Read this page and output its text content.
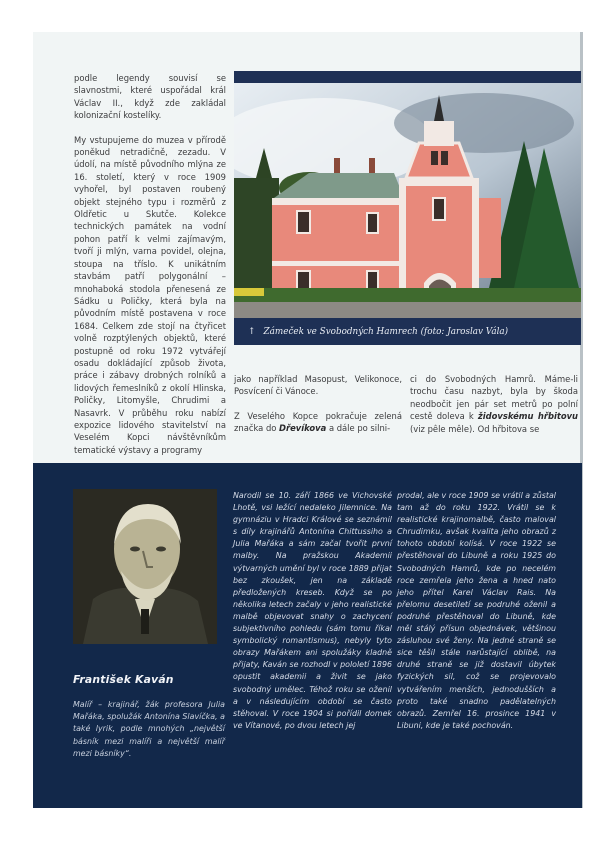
podle legendy souvisí se slavnostmi, které uspořádal král Václav II., když zde zakládal kolonizační kostelíky.

My vstupujeme do muzea v přírodě poněkud netradičně, zezadu. V údolí, na místě původního mlýna ze 16. století, který v roce 1909 vyhořel, byl postaven roubený objekt stejného typu i rozměrů z Oldřetic u Skutče. Kolekce technických památek na vodní pohon patří k velmi zajímavým, tvoří ji mlýn, varna povidel, olejna, stoupa na tříslo. K unikátním stavbám patří polygonální – mnohaboká stodola přenesená ze Sádku u Poličky, která byla na původním místě postavena v roce 1684. Celkem zde stojí na čtyřicet volně rozptýlených objektů, které postupně od roku 1972 vytvářejí osadu dokládající způsob života, práce i zábavy drobných rolníků a lidových řemeslníků z okolí Hlinska, Poličky, Litomyšle, Chrudimi a Nasavrk. V průběhu roku nabízí expozice lidového stavitelství na Veselém Kopci návštěvníkům tematické výstavy a programy

↑ Zámeček ve Svobodných Hamrech (foto: Jaroslav Vála)

jako například Masopust, Velikonoce, Posvícení či Vánoce.

Z Veselého Kopce pokračuje zelená značka do Dřevíkova a dále po silni-

ci do Svobodných Hamrů. Máme-li trochu času nazbyt, byla by škoda neodbočit jen pár set metrů po polní cestě doleva k židovskému hřbitovu (viz pêle mêle). Od hřbitova se

František Kaván
Malíř – krajinář, žák profesora Julia Mařáka, spolužák Antonína Slavíčka, a také lyrik, podle mnohých „největší básník mezi malíři a největší malíř mezi básníky“.
Narodil se 10. září 1866 ve Vichovské Lhotě, vsi ležící nedaleko Jilemnice. Na gymnáziu v Hradci Králové se seznámil s díly krajinářů Antonína Chittussiho a Julia Mařáka a sám začal tvořit první malby. Na pražskou Akademii výtvarných umění byl v roce 1889 přijat bez zkoušek, jen na základě předložených kreseb. Když se po několika letech začaly v jeho realistické malbě objevovat snahy o zachycení subjektivního pohledu (sám tomu říkal symbolický romantismus), nebyly tyto obrazy Mařákem ani spolužáky kladně přijaty, Kaván se rozhodl v pololetí 1896 opustit akademii a živit se jako svobodný umělec. Téhož roku se oženil a v následujícím období se často stěhoval. V roce 1904 si pořídil domek ve Vítanové, po dvou letech jej
prodal, ale v roce 1909 se vrátil a zůstal tam až do roku 1922. Vrátil se k realistické krajinomalbě, často maloval Chrudimku, avšak kvalita jeho obrazů z tohoto období kolísá. V roce 1922 se přestěhoval do Libuně a roku 1925 do Svobodných Hamrů, kde po necelém roce zemřela jeho žena a hned nato jeho přítel Karel Václav Rais. Na přelomu desetiletí se podruhé oženil a podruhé přestěhoval do Libuně, kde měl stálý přísun objednávek, většinou zásluhou své ženy. Na jedné straně se sice těšil stále narůstající oblibě, na druhé straně se již dostavil úbytek fyzických sil, což se projevovalo vytvářením menších, jednodušších a proto také snadno padělatelných obrazů. Zemřel 16. prosince 1941 v Libuni, kde je také pochován.
